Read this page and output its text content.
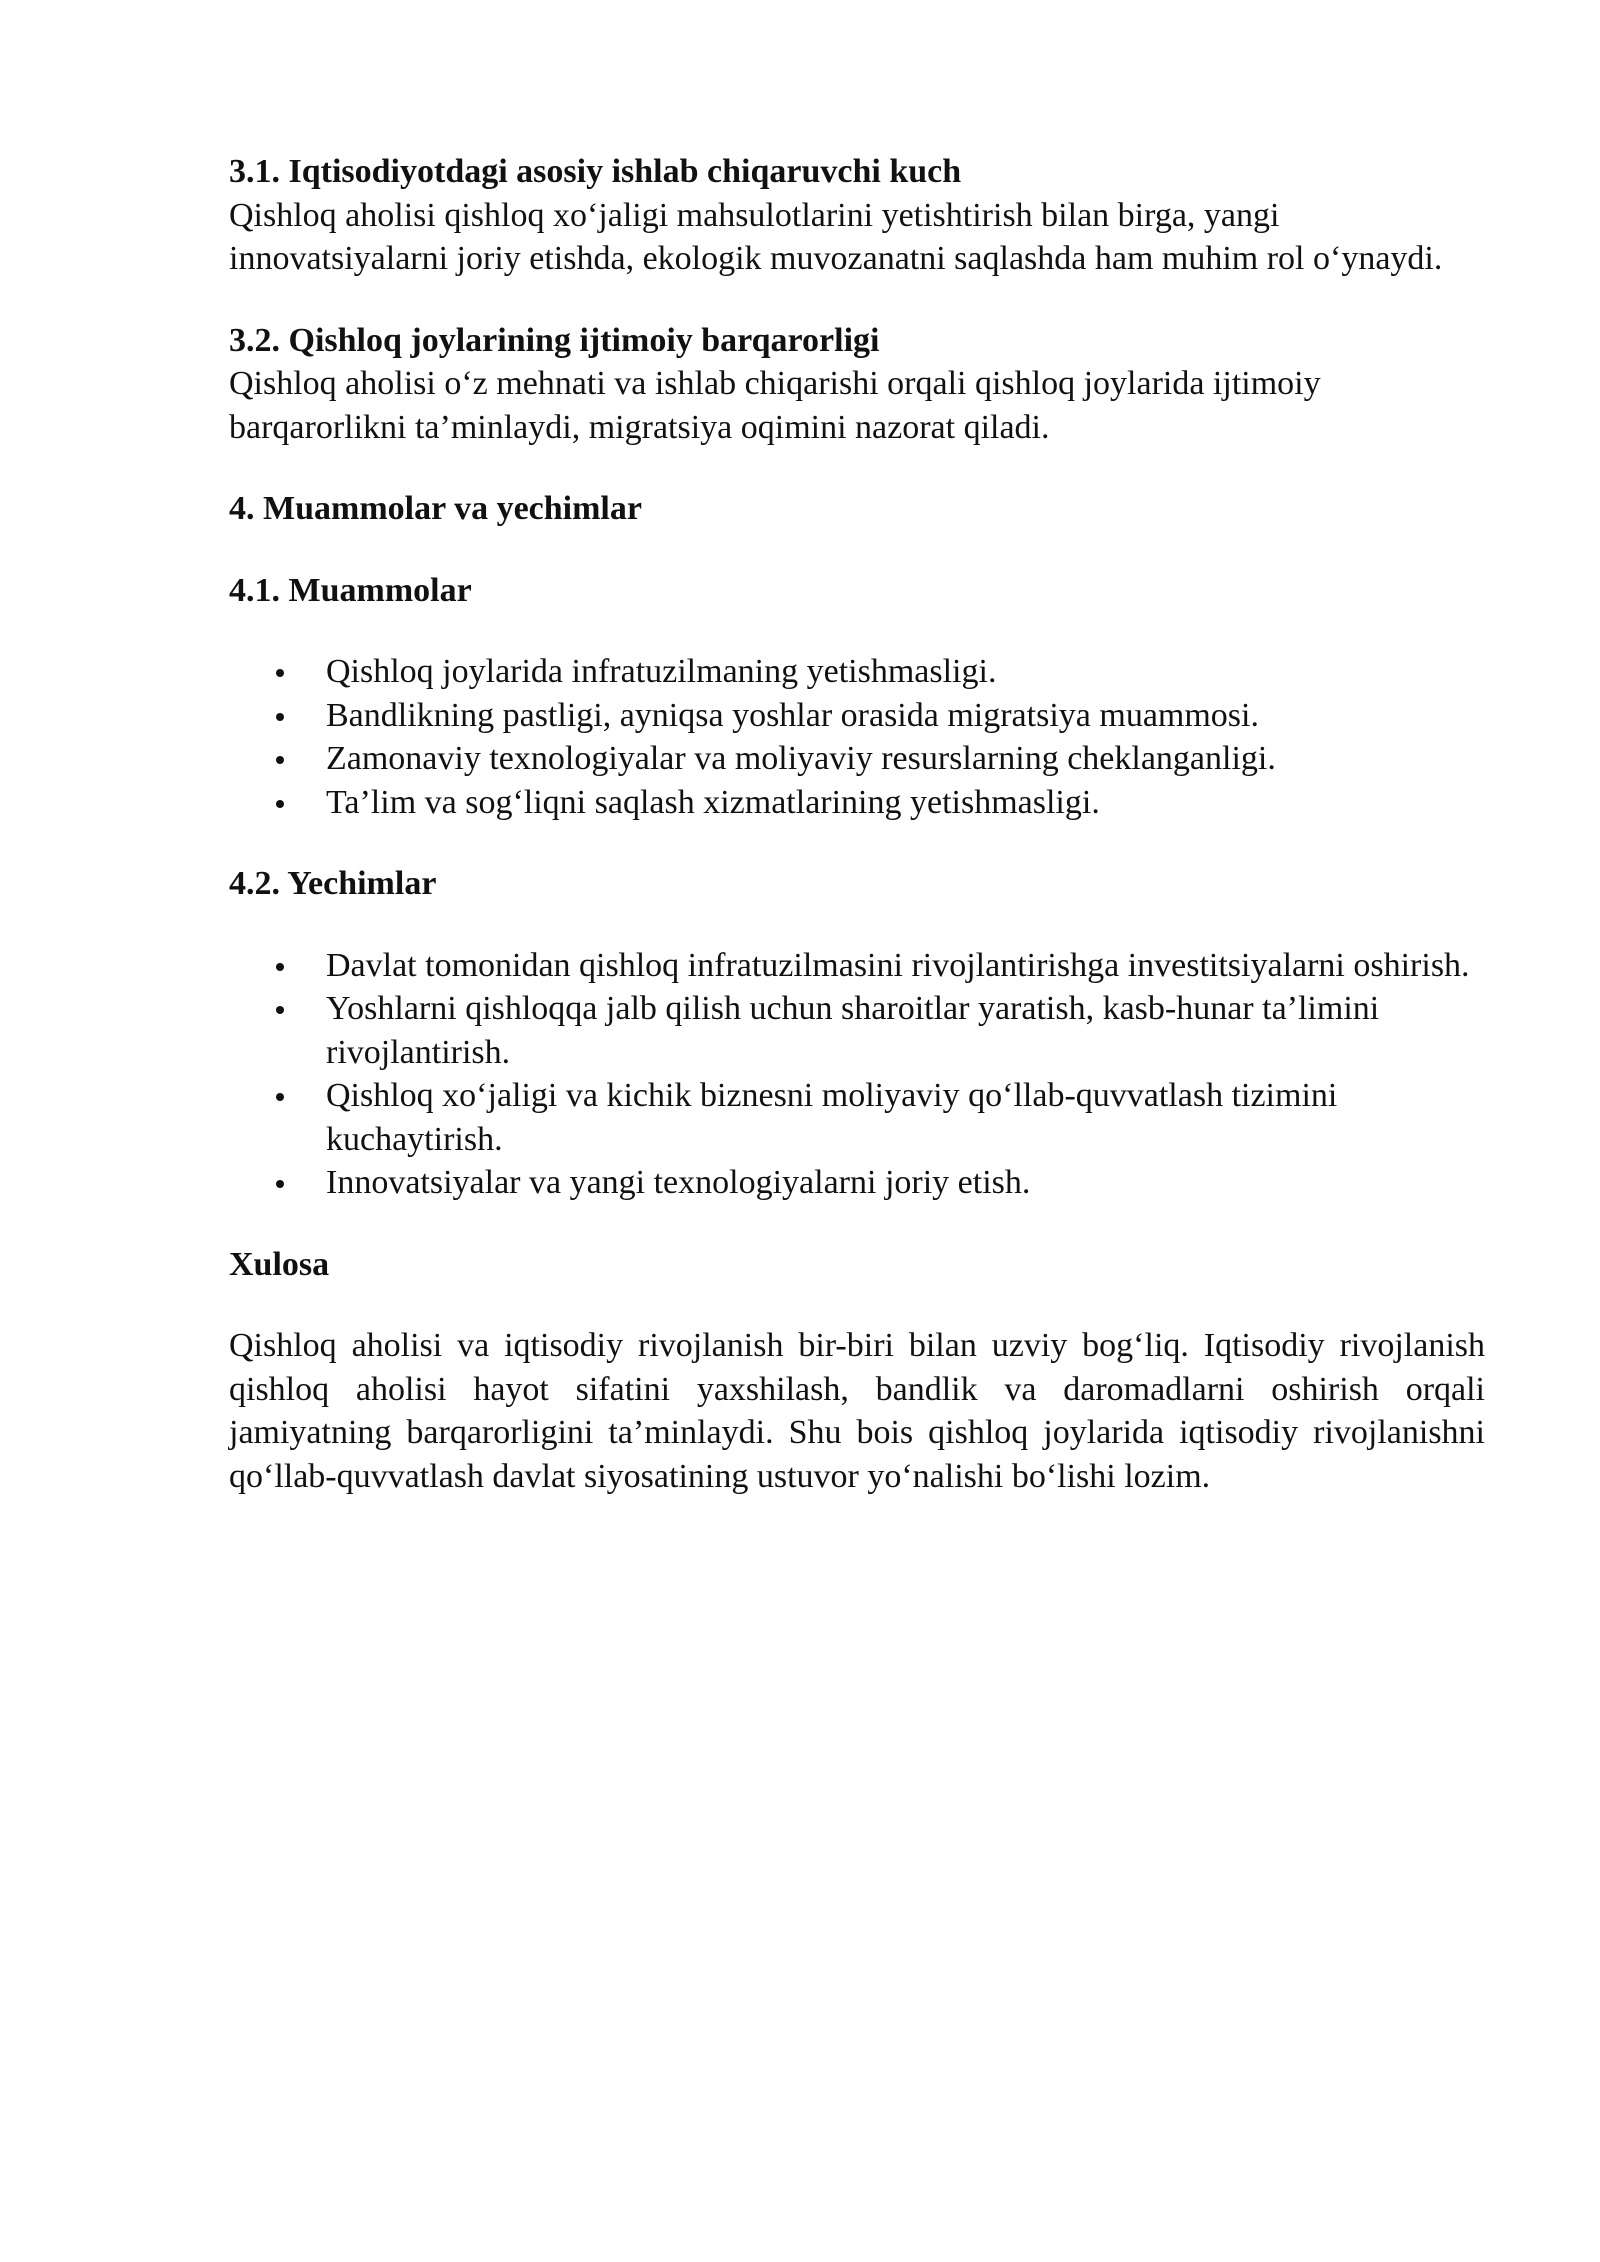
3.1. Iqtisodiyotdagi asosiy ishlab chiqaruvchi kuch

Qishloq aholisi qishloq xo‘jaligi mahsulotlarini yetishtirish bilan birga, yangi innovatsiyalarni joriy etishda, ekologik muvozanatni saqlashda ham muhim rol o‘ynaydi.

3.2. Qishloq joylarining ijtimoiy barqarorligi

Qishloq aholisi o‘z mehnati va ishlab chiqarishi orqali qishloq joylarida ijtimoiy barqarorlikni ta’minlaydi, migratsiya oqimini nazorat qiladi.

4. Muammolar va yechimlar

4.1. Muammolar

Qishloq joylarida infratuzilmaning yetishmasligi.
Bandlikning pastligi, ayniqsa yoshlar orasida migratsiya muammosi.
Zamonaviy texnologiyalar va moliyaviy resurslarning cheklanganligi.
Ta’lim va sog‘liqni saqlash xizmatlarining yetishmasligi.

4.2. Yechimlar

Davlat tomonidan qishloq infratuzilmasini rivojlantirishga investitsiyalarni oshirish.
Yoshlarni qishloqqa jalb qilish uchun sharoitlar yaratish, kasb-hunar ta’limini rivojlantirish.
Qishloq xo‘jaligi va kichik biznesni moliyaviy qo‘llab-quvvatlash tizimini kuchaytirish.
Innovatsiyalar va yangi texnologiyalarni joriy etish.

Xulosa

Qishloq aholisi va iqtisodiy rivojlanish bir-biri bilan uzviy bog‘liq. Iqtisodiy rivojlanish qishloq aholisi hayot sifatini yaxshilash, bandlik va daromadlarni oshirish orqali jamiyatning barqarorligini ta’minlaydi. Shu bois qishloq joylarida iqtisodiy rivojlanishni qo‘llab-quvvatlash davlat siyosatining ustuvor yo‘nalishi bo‘lishi lozim.
